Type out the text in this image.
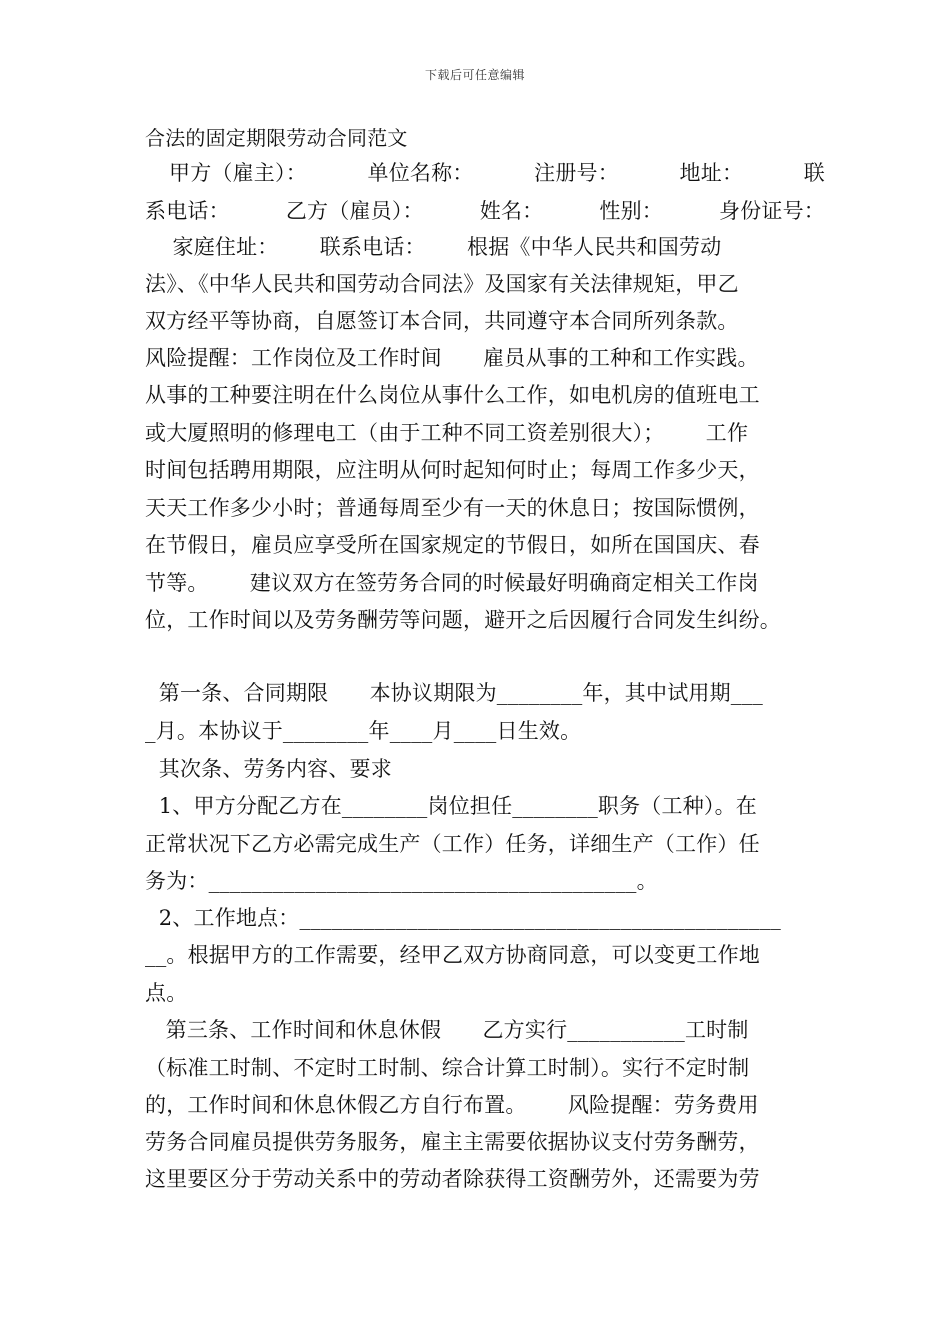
下载后可任意编辑
合法的固定期限劳动合同范文
甲方（雇主）：	单位名称：	注册号：	地址：	联
系电话：	乙方（雇员）：	姓名：	性别：	身份证号：
家庭住址：      联系电话：      根据《中华人民共和国劳动
法》、《中华人民共和国劳动合同法》及国家有关法律规矩，甲乙
双方经平等协商，自愿签订本合同，共同遵守本合同所列条款。
风险提醒：工作岗位及工作时间      雇员从事的工种和工作实践。
从事的工种要注明在什么岗位从事什么工作，如电机房的值班电工
或大厦照明的修理电工（由于工种不同工资差别很大）；      工作
时间包括聘用期限，应注明从何时起知何时止；每周工作多少天，
天天工作多少小时；普通每周至少有一天的休息日；按国际惯例，
在节假日，雇员应享受所在国家规定的节假日，如所在国国庆、春
节等。      建议双方在签劳务合同的时候最好明确商定相关工作岗
位，工作时间以及劳务酬劳等问题，避开之后因履行合同发生纠纷。
第一条、合同期限      本协议期限为________年，其中试用期___
_月。本协议于________年____月____日生效。
其次条、劳务内容、要求
1、甲方分配乙方在________岗位担任________职务（工种）。在
正常状况下乙方必需完成生产（工作）任务，详细生产（工作）任
务为：________________________________________。
2、工作地点：_____________________________________________
__。根据甲方的工作需要，经甲乙双方协商同意，可以变更工作地
点。
第三条、工作时间和休息休假      乙方实行___________工时制
（标准工时制、不定时工时制、综合计算工时制）。实行不定时制
的，工作时间和休息休假乙方自行布置。      风险提醒：劳务费用
劳务合同雇员提供劳务服务，雇主主需要依据协议支付劳务酬劳，
这里要区分于劳动关系中的劳动者除获得工资酬劳外，还需要为劳
